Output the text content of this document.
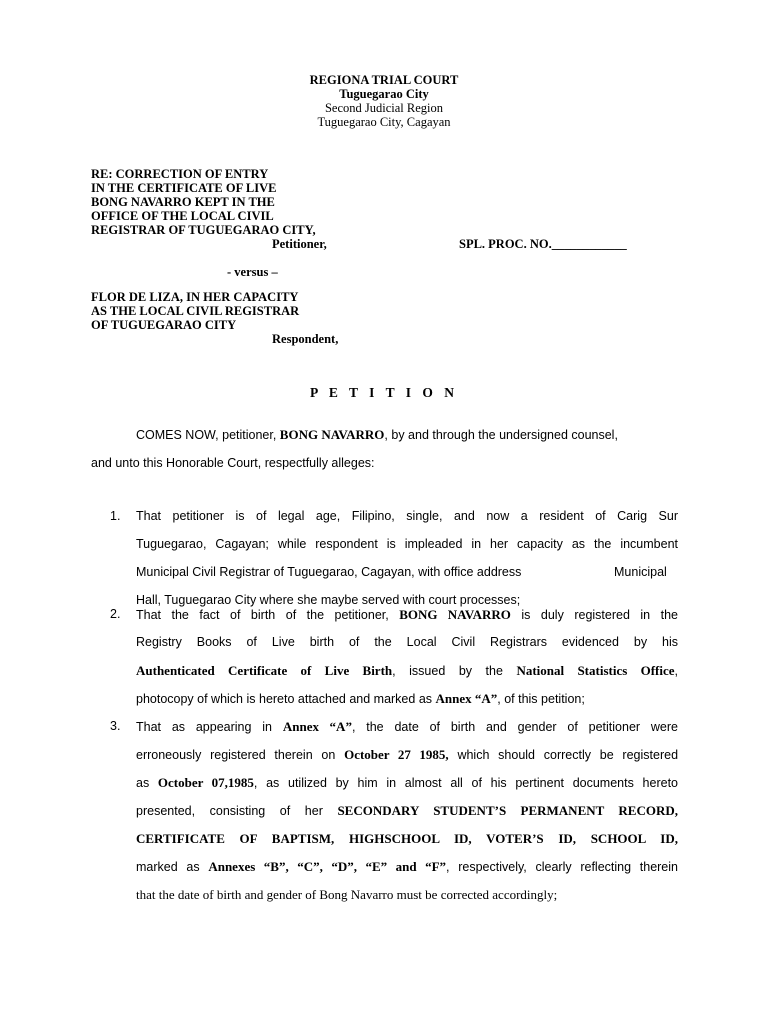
REGIONA TRIAL COURT
Tuguegarao City
Second Judicial Region
Tuguegarao City, Cagayan
RE: CORRECTION OF ENTRY
IN THE CERTIFICATE OF LIVE
BONG NAVARRO KEPT IN THE
OFFICE OF THE LOCAL CIVIL
REGISTRAR OF TUGUEGARAO CITY,
Petitioner,	SPL. PROC. NO.____________
- versus –
FLOR DE LIZA, IN HER CAPACITY
AS THE LOCAL CIVIL REGISTRAR
OF TUGUEGARAO CITY
Respondent,
P E T I T I O N
COMES NOW, petitioner, BONG NAVARRO, by and through the undersigned counsel,
and unto this Honorable Court, respectfully alleges:
1. That petitioner is of legal age, Filipino, single, and now a resident of Carig Sur
Tuguegarao, Cagayan; while respondent is impleaded in her capacity as the incumbent
Municipal Civil Registrar of Tuguegarao, Cagayan, with office address	Municipal
Hall, Tuguegarao City where she maybe served with court processes;
2. That the fact of birth of the petitioner, BONG NAVARRO is duly registered in the
Registry Books of Live birth of the Local Civil Registrars evidenced by his
Authenticated Certificate of Live Birth, issued by the National Statistics Office,
photocopy of which is hereto attached and marked as Annex “A”, of this petition;
3. That as appearing in Annex “A”, the date of birth and gender of petitioner were
erroneously registered therein on October 27 1985, which should correctly be registered
as October 07,1985, as utilized by him in almost all of his pertinent documents hereto
presented, consisting of her SECONDARY STUDENT’S PERMANENT RECORD,
CERTIFICATE OF BAPTISM, HIGHSCHOOL ID, VOTER’S ID, SCHOOL ID,
marked as Annexes “B”, “C”, “D”, “E” and “F”, respectively, clearly reflecting therein
that the date of birth and gender of Bong Navarro must be corrected accordingly;
